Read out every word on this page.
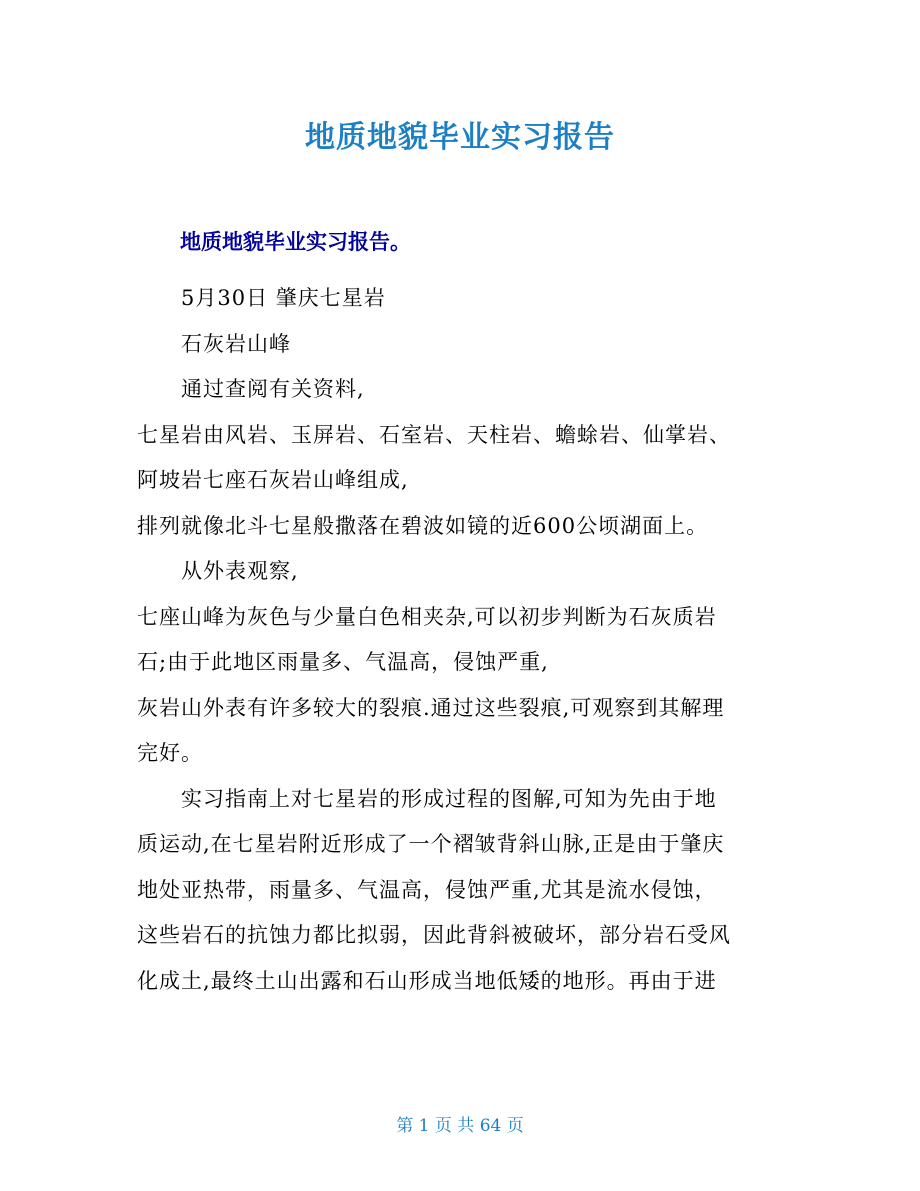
地质地貌毕业实习报告
地质地貌毕业实习报告。
5月30日 肇庆七星岩
石灰岩山峰
通过查阅有关资料,
七星岩由风岩、玉屏岩、石室岩、天柱岩、蟾蜍岩、仙掌岩、
阿坡岩七座石灰岩山峰组成,
排列就像北斗七星般撒落在碧波如镜的近600公顷湖面上。
从外表观察,
七座山峰为灰色与少量白色相夹杂,可以初步判断为石灰质岩
石;由于此地区雨量多、气温高，侵蚀严重,
灰岩山外表有许多较大的裂痕.通过这些裂痕,可观察到其解理
完好。
实习指南上对七星岩的形成过程的图解,可知为先由于地
质运动,在七星岩附近形成了一个褶皱背斜山脉,正是由于肇庆
地处亚热带，雨量多、气温高，侵蚀严重,尤其是流水侵蚀，
这些岩石的抗蚀力都比拟弱，因此背斜被破坏，部分岩石受风
化成土,最终土山出露和石山形成当地低矮的地形。再由于进
第 1 页 共 64 页
